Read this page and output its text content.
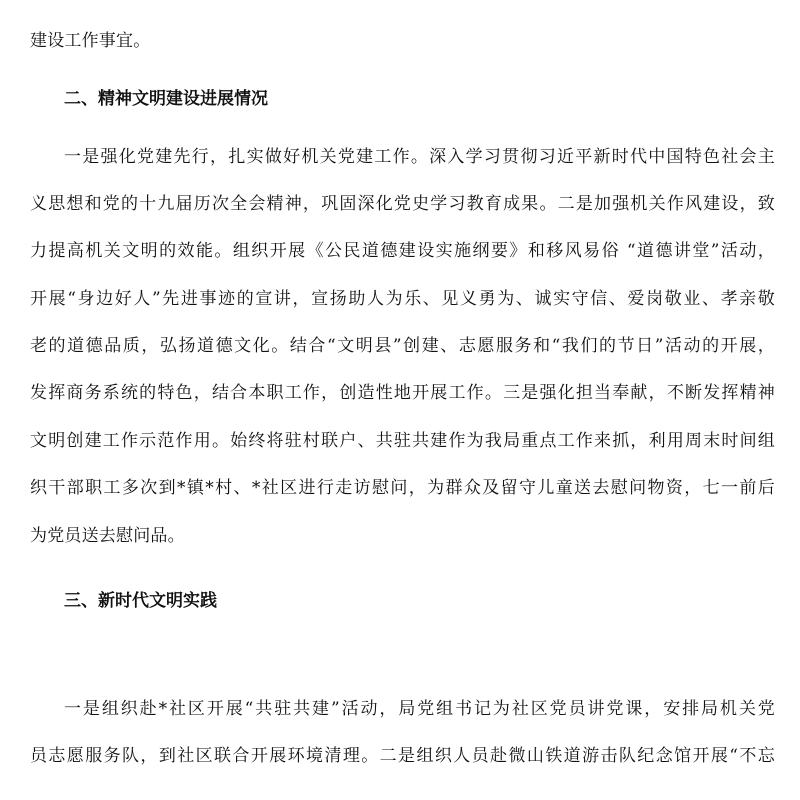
建设工作事宜。
二、精神文明建设进展情况
一是强化党建先行，扎实做好机关党建工作。深入学习贯彻习近平新时代中国特色社会主
义思想和党的十九届历次全会精神，巩固深化党史学习教育成果。二是加强机关作风建设，致
力提高机关文明的效能。组织开展《公民道德建设实施纲要》和移风易俗 “道德讲堂”活动，
开展“身边好人”先进事迹的宣讲，宣扬助人为乐、见义勇为、诚实守信、爱岗敬业、孝亲敬
老的道德品质，弘扬道德文化。结合“文明县”创建、志愿服务和“我们的节日”活动的开展，
发挥商务系统的特色，结合本职工作，创造性地开展工作。三是强化担当奉献，不断发挥精神
文明创建工作示范作用。始终将驻村联户、共驻共建作为我局重点工作来抓，利用周末时间组
织干部职工多次到*镇*村、*社区进行走访慰问，为群众及留守儿童送去慰问物资，七一前后
为党员送去慰问品。
三、新时代文明实践
一是组织赴*社区开展“共驻共建”活动，局党组书记为社区党员讲党课，安排局机关党
员志愿服务队，到社区联合开展环境清理。二是组织人员赴微山铁道游击队纪念馆开展“不忘
